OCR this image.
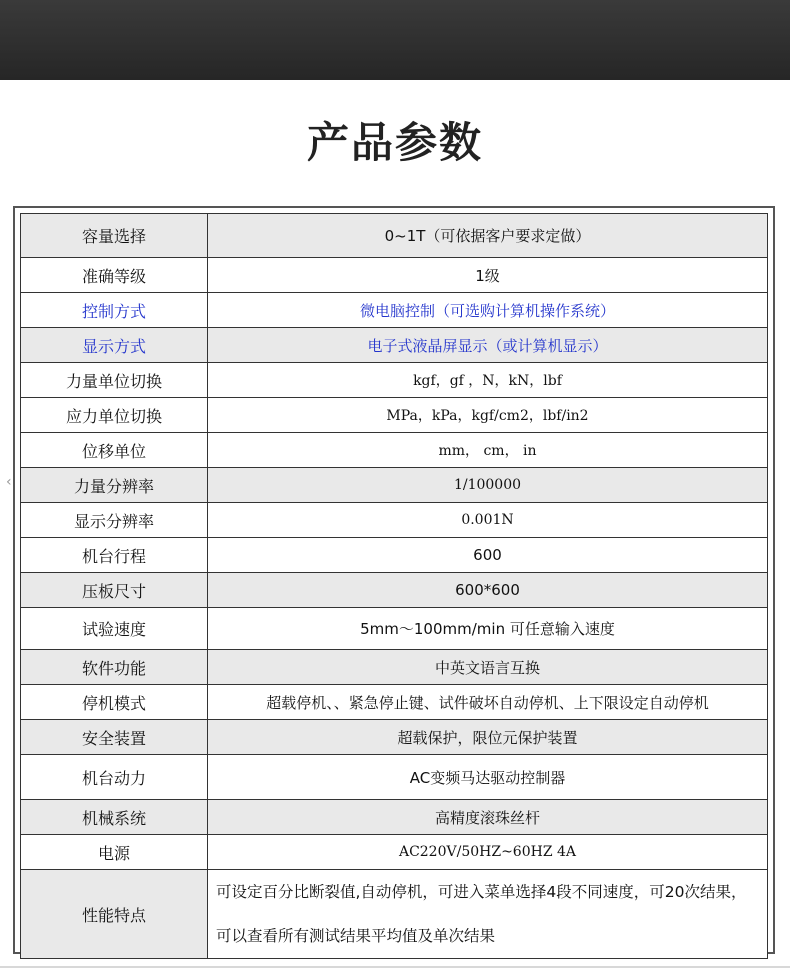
产品参数
‹
容量选择	0~1T（可依据客户要求定做）
准确等级	1级
控制方式	微电脑控制（可选购计算机操作系统）
显示方式	电子式液晶屏显示（或计算机显示）
力量单位切换	kgf，gf ，N，kN，lbf
应力单位切换	MPa，kPa，kgf/cm2，lbf/in2
位移单位	mm， cm， in
力量分辨率	1/100000
显示分辨率	0.001N
机台行程	600
压板尺寸	600*600
试验速度	5mm～100mm/min 可任意输入速度
软件功能	中英文语言互换
停机模式	超载停机、、紧急停止键、试件破坏自动停机、上下限设定自动停机
安全装置	超载保护，限位元保护装置
机台动力	AC变频马达驱动控制器
机械系统	高精度滚珠丝杆
电源	AC220V/50HZ~60HZ 4A
性能特点	可设定百分比断裂值,自动停机，可进入菜单选择4段不同速度，可20次结果，可以查看所有测试结果平均值及单次结果
